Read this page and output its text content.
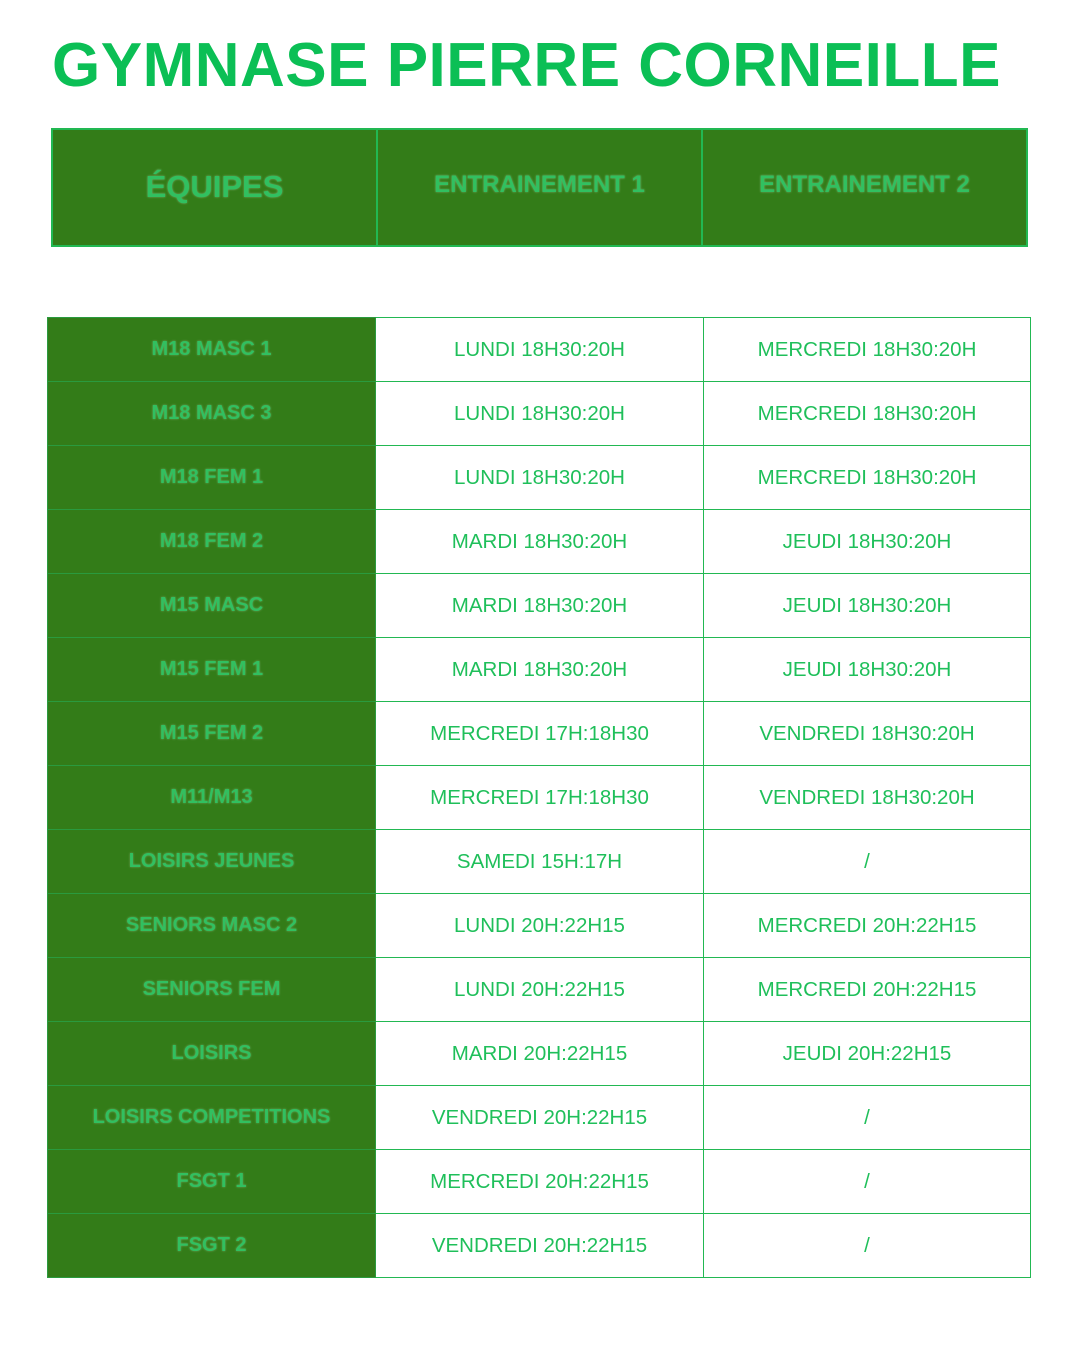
GYMNASE PIERRE CORNEILLE
ÉQUIPES	ENTRAINEMENT 1	ENTRAINEMENT 2
M18 MASC 1	LUNDI 18H30:20H	MERCREDI 18H30:20H
M18 MASC 3	LUNDI 18H30:20H	MERCREDI 18H30:20H
M18 FEM 1	LUNDI 18H30:20H	MERCREDI 18H30:20H
M18 FEM 2	MARDI 18H30:20H	JEUDI 18H30:20H
M15 MASC	MARDI 18H30:20H	JEUDI 18H30:20H
M15 FEM 1	MARDI 18H30:20H	JEUDI 18H30:20H
M15 FEM 2	MERCREDI 17H:18H30	VENDREDI 18H30:20H
M11/M13	MERCREDI 17H:18H30	VENDREDI 18H30:20H
LOISIRS JEUNES	SAMEDI 15H:17H	/
SENIORS MASC 2	LUNDI 20H:22H15	MERCREDI 20H:22H15
SENIORS FEM	LUNDI 20H:22H15	MERCREDI 20H:22H15
LOISIRS	MARDI 20H:22H15	JEUDI 20H:22H15
LOISIRS COMPETITIONS	VENDREDI 20H:22H15	/
FSGT 1	MERCREDI 20H:22H15	/
FSGT 2	VENDREDI 20H:22H15	/
